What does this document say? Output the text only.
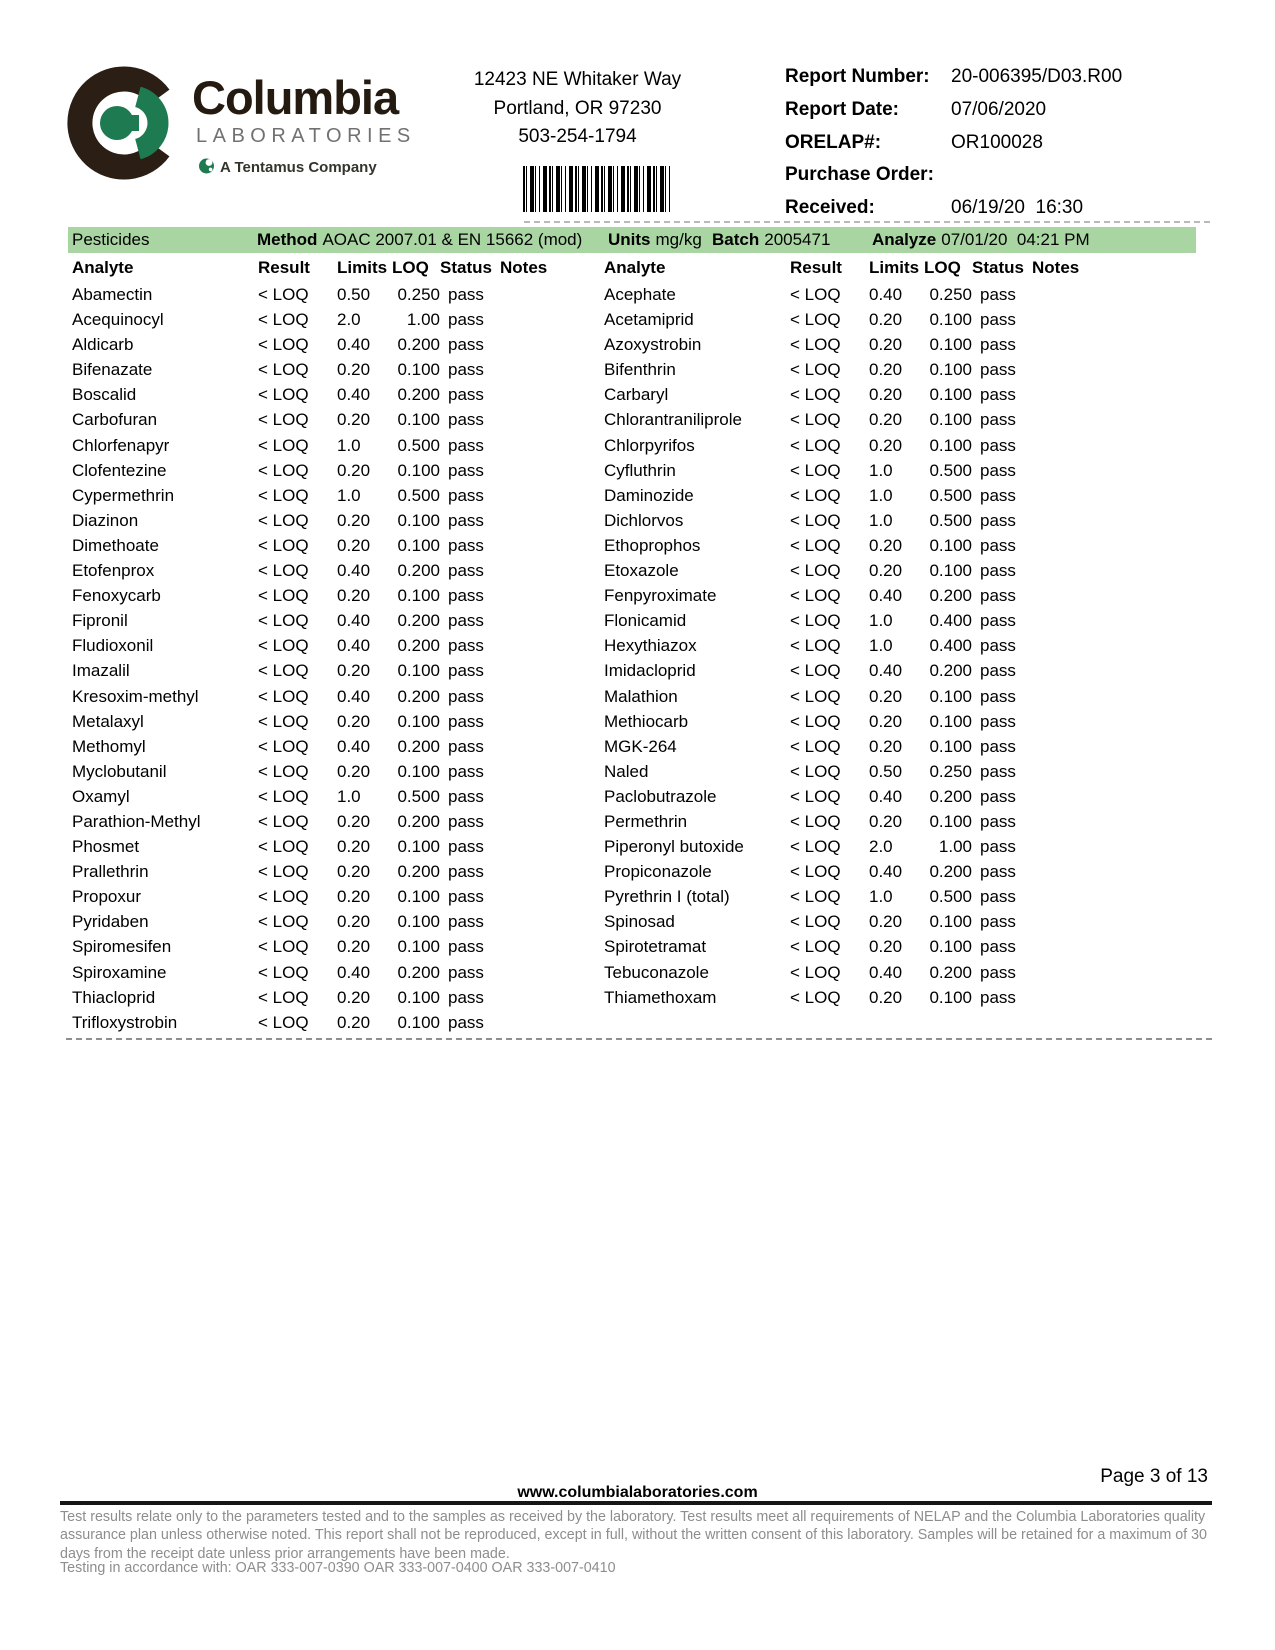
Columbia
LABORATORIES
A Tentamus Company
12423 NE Whitaker Way
Portland, OR 97230
503-254-1794
Report Number:	20-006395/D03.R00
Report Date:	07/06/2020
ORELAP#:	OR100028
Purchase Order:
Received:	06/19/20  16:30
Pesticides	Method AOAC 2007.01 & EN 15662 (mod) Units mg/kg Batch 2005471 Analyze 07/01/20  04:21 PM
Analyte	Result	Limits LOQ Status Notes	Analyte	Result	Limits LOQ Status Notes
Abamectin	< LOQ	0.50	0.250 pass
Acequinocyl	< LOQ	2.0	1.00 pass
Aldicarb	< LOQ	0.40	0.200 pass
Bifenazate	< LOQ	0.20	0.100 pass
Boscalid	< LOQ	0.40	0.200 pass
Carbofuran	< LOQ	0.20	0.100 pass
Chlorfenapyr	< LOQ	1.0	0.500 pass
Clofentezine	< LOQ	0.20	0.100 pass
Cypermethrin	< LOQ	1.0	0.500 pass
Diazinon	< LOQ	0.20	0.100 pass
Dimethoate	< LOQ	0.20	0.100 pass
Etofenprox	< LOQ	0.40	0.200 pass
Fenoxycarb	< LOQ	0.20	0.100 pass
Fipronil	< LOQ	0.40	0.200 pass
Fludioxonil	< LOQ	0.40	0.200 pass
Imazalil	< LOQ	0.20	0.100 pass
Kresoxim-methyl	< LOQ	0.40	0.200 pass
Metalaxyl	< LOQ	0.20	0.100 pass
Methomyl	< LOQ	0.40	0.200 pass
Myclobutanil	< LOQ	0.20	0.100 pass
Oxamyl	< LOQ	1.0	0.500 pass
Parathion-Methyl	< LOQ	0.20	0.200 pass
Phosmet	< LOQ	0.20	0.100 pass
Prallethrin	< LOQ	0.20	0.200 pass
Propoxur	< LOQ	0.20	0.100 pass
Pyridaben	< LOQ	0.20	0.100 pass
Spiromesifen	< LOQ	0.20	0.100 pass
Spiroxamine	< LOQ	0.40	0.200 pass
Thiacloprid	< LOQ	0.20	0.100 pass
Trifloxystrobin	< LOQ	0.20	0.100 pass
Acephate	< LOQ	0.40	0.250 pass
Acetamiprid	< LOQ	0.20	0.100 pass
Azoxystrobin	< LOQ	0.20	0.100 pass
Bifenthrin	< LOQ	0.20	0.100 pass
Carbaryl	< LOQ	0.20	0.100 pass
Chlorantraniliprole	< LOQ	0.20	0.100 pass
Chlorpyrifos	< LOQ	0.20	0.100 pass
Cyfluthrin	< LOQ	1.0	0.500 pass
Daminozide	< LOQ	1.0	0.500 pass
Dichlorvos	< LOQ	1.0	0.500 pass
Ethoprophos	< LOQ	0.20	0.100 pass
Etoxazole	< LOQ	0.20	0.100 pass
Fenpyroximate	< LOQ	0.40	0.200 pass
Flonicamid	< LOQ	1.0	0.400 pass
Hexythiazox	< LOQ	1.0	0.400 pass
Imidacloprid	< LOQ	0.40	0.200 pass
Malathion	< LOQ	0.20	0.100 pass
Methiocarb	< LOQ	0.20	0.100 pass
MGK-264	< LOQ	0.20	0.100 pass
Naled	< LOQ	0.50	0.250 pass
Paclobutrazole	< LOQ	0.40	0.200 pass
Permethrin	< LOQ	0.20	0.100 pass
Piperonyl butoxide	< LOQ	2.0	1.00 pass
Propiconazole	< LOQ	0.40	0.200 pass
Pyrethrin I (total)	< LOQ	1.0	0.500 pass
Spinosad	< LOQ	0.20	0.100 pass
Spirotetramat	< LOQ	0.20	0.100 pass
Tebuconazole	< LOQ	0.40	0.200 pass
Thiamethoxam	< LOQ	0.20	0.100 pass
Page 3 of 13
www.columbialaboratories.com
Test results relate only to the parameters tested and to the samples as received by the laboratory. Test results meet all requirements of NELAP and the Columbia Laboratories quality assurance plan unless otherwise noted. This report shall not be reproduced, except in full, without the written consent of this laboratory. Samples will be retained for a maximum of 30 days from the receipt date unless prior arrangements have been made.
Testing in accordance with: OAR 333-007-0390 OAR 333-007-0400 OAR 333-007-0410
